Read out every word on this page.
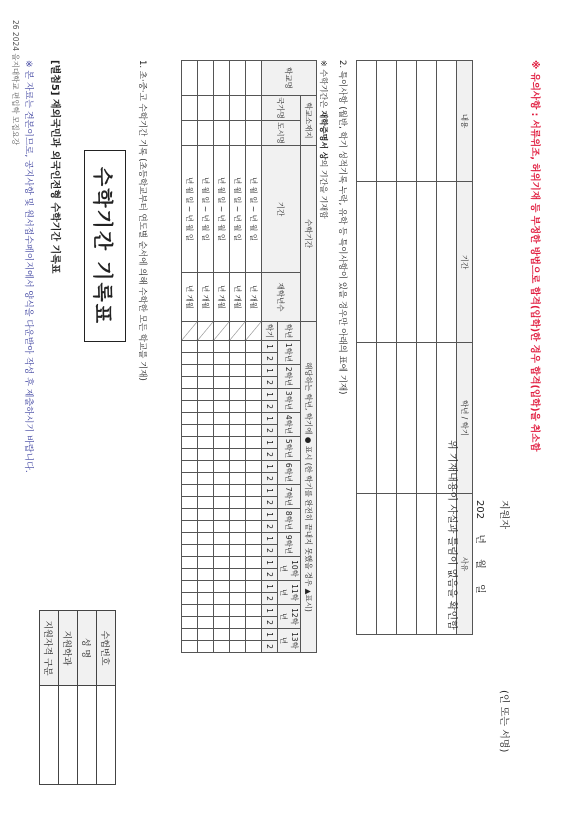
※ 본 자료는 견본이므로, 공지사항 및 원서접수페이지에서 양식을 다운받아 작성 후 제출하시기 바랍니다.	[별첨5] 재외국민과 외국인전형 수학기간 기록표	수학기간 기록표
수험번호	
성 명	
지원학과	
지원자격 구분	
1. 초·중·고 수학기간 기록 (초등학교부터 연도별 순서에 의해 수학한 모든 학교를 기재)	학교명	학교소재지		수학기간		해당하는 학년, 학기에 ● 표시 (한 학기를 완전히 끝내지 못했을 경우 ▲표시)																										
	국가명	도시명	기간	재학년수	학년	1학년		2학년		3학년		4학년		5학년		6학년		7학년		8학년		9학년		10학년		11학년		12학년		13학년	
					학기	1	2	1	2	1	2	1	2	1	2	1	2	1	2	1	2	1	2	1	2	1	2	1	2	1	2
			년 월 일 ~ 년 월 일	년 개월																											
			년 월 일 ~ 년 월 일	년 개월																											
			년 월 일 ~ 년 월 일	년 개월																											
			년 월 일 ~ 년 월 일	년 개월																											
			년 월 일 ~ 년 월 일	년 개월																											
※ 수학기간은 재학증명서 상의 기간을 기재함 2. 특이사항 (월반, 학기 성적기록 누락, 유학 등 특이사항이 있을 경우만 아래의 표에 기재)	내용	기간	학년 / 학기	사유

위 기재내용이 사실과 틀림이 없음을 확인함	202 년 월 일	지원자
(인 또는 서명)
※ 유의사항 : 서류위조, 허위기재 등 부정한 방법으로 합격(입학)한 경우 합격(입학)을 취소함
26 2024 을지대학교 편입학 모집요강
